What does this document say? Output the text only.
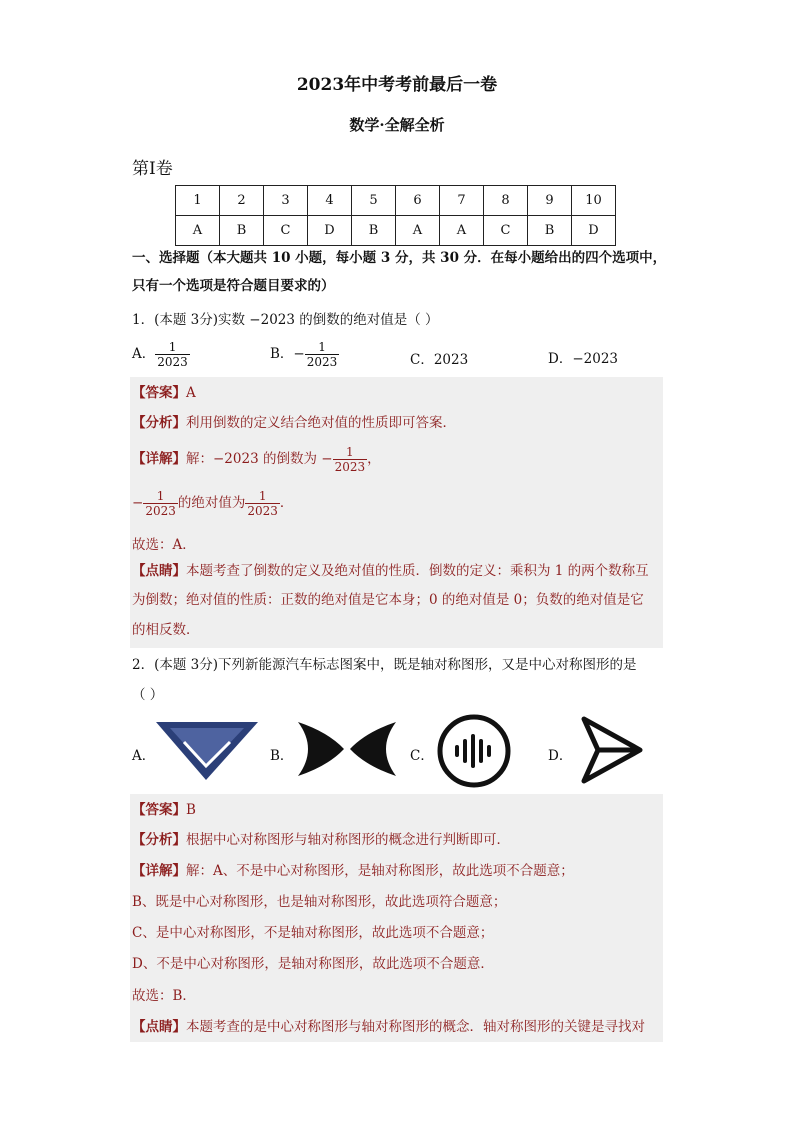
2023年中考考前最后一卷
数学·全解全析
第Ⅰ卷
1	2	3	4	5	6	7	8	9	10
A	B	C	D	B	A	A	C	B	D
一、选择题（本大题共 10 小题，每小题 3 分，共 30 分．在每小题给出的四个选项中，
只有一个选项是符合题目要求的）
1．(本题 3分)实数 −2023 的倒数的绝对值是（ ）
A． $\frac{1}{2023}$	B．− $\frac{1}{2023}$	C．2023	D．−2023
【答案】A
【分析】利用倒数的定义结合绝对值的性质即可答案．
【详解】解：−2023 的倒数为 − $\frac{1}{2023}$ ，
− $\frac{1}{2023}$ 的绝对值为 $\frac{1}{2023}$ ．
故选：A．
【点睛】本题考查了倒数的定义及绝对值的性质．倒数的定义：乘积为 1 的两个数称互
为倒数；绝对值的性质：正数的绝对值是它本身；0 的绝对值是 0；负数的绝对值是它
的相反数．
2．(本题 3分)下列新能源汽车标志图案中，既是轴对称图形，又是中心对称图形的是
（ ）
A．	B．	C．	D．
【答案】B
【分析】根据中心对称图形与轴对称图形的概念进行判断即可．
【详解】解：A、不是中心对称图形，是轴对称图形，故此选项不合题意；
B、既是中心对称图形，也是轴对称图形，故此选项符合题意；
C、是中心对称图形，不是轴对称图形，故此选项不合题意；
D、不是中心对称图形，是轴对称图形，故此选项不合题意．
故选：B．
【点睛】本题考查的是中心对称图形与轴对称图形的概念．轴对称图形的关键是寻找对
